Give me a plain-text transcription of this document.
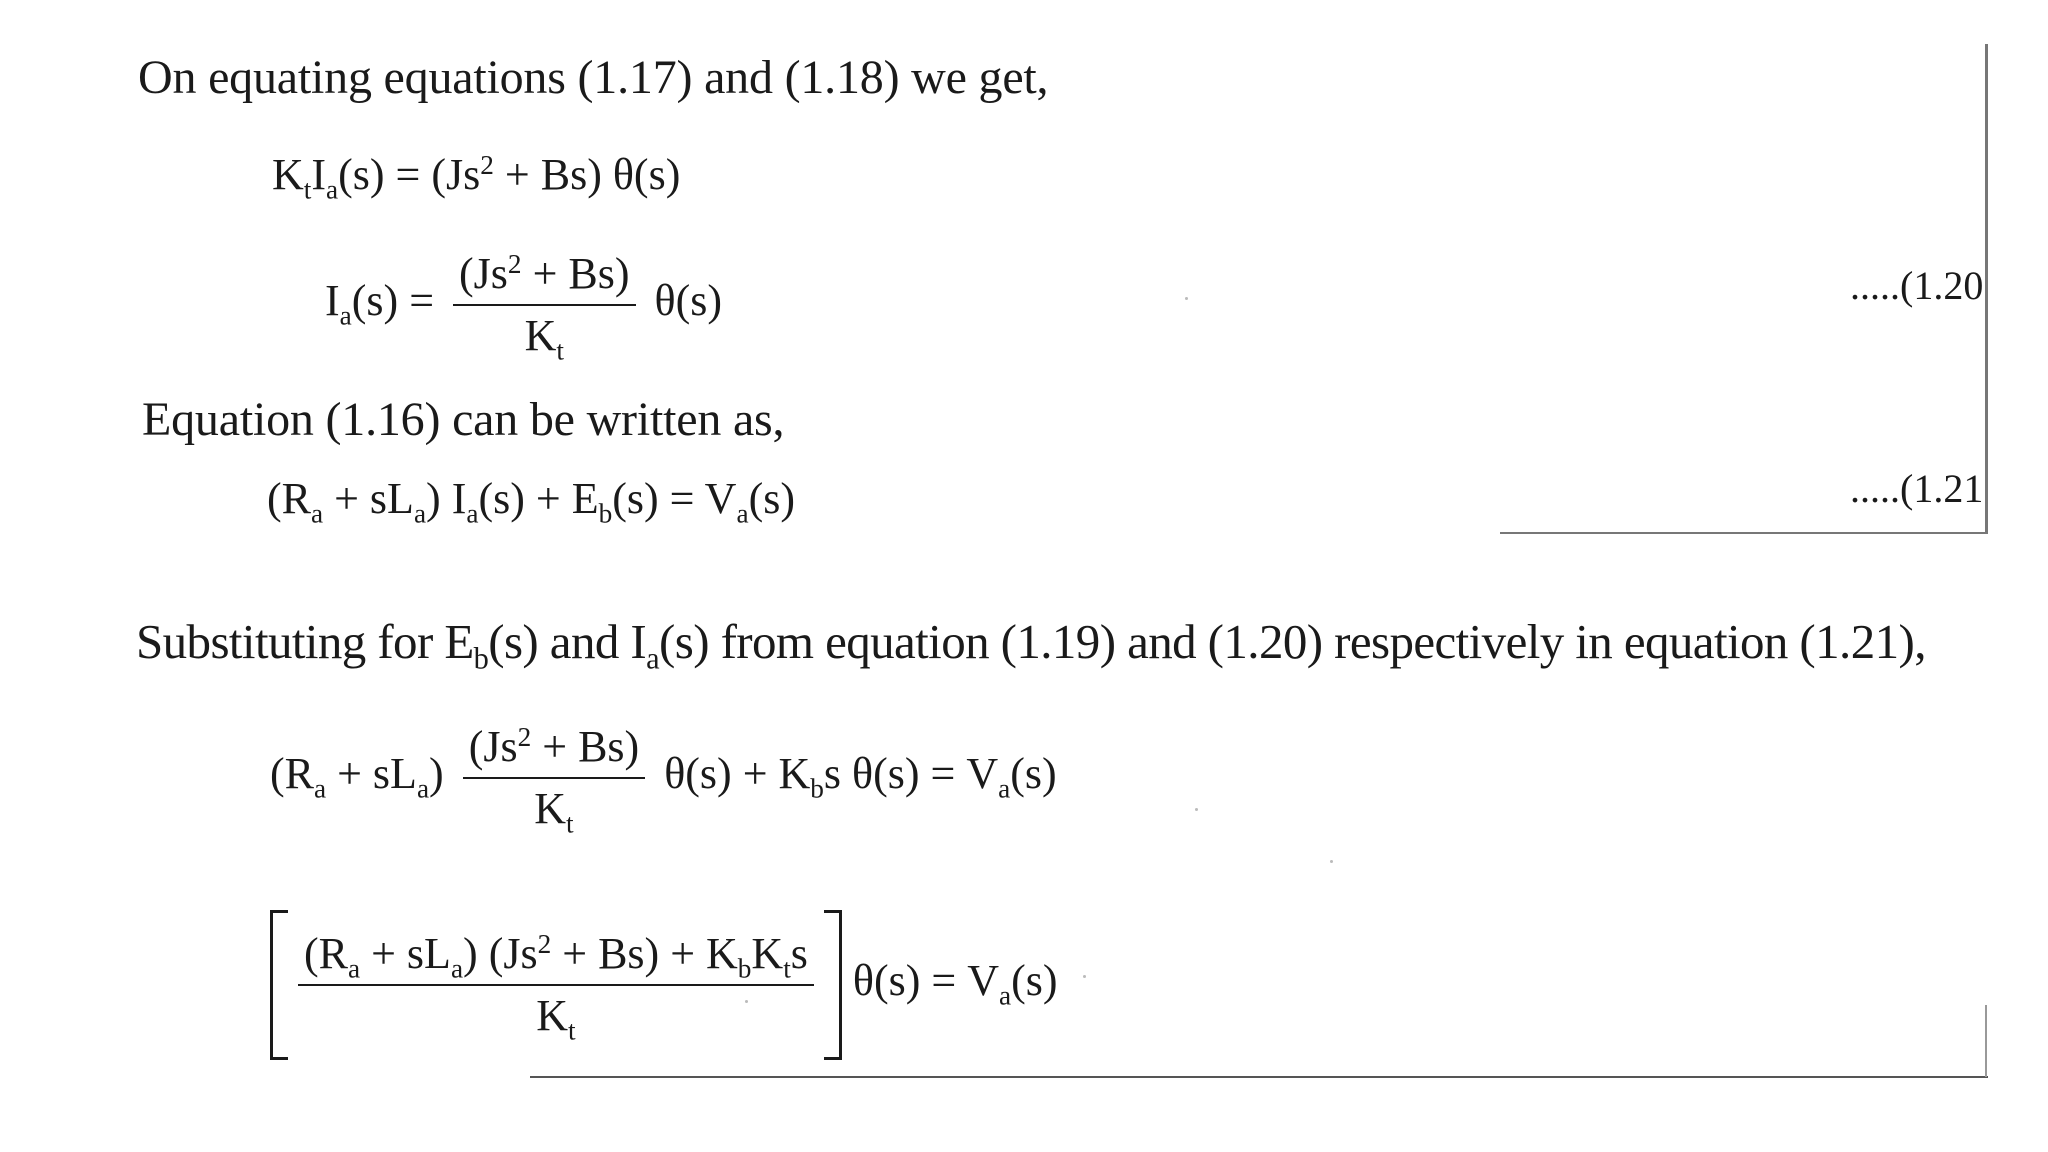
On equating equations (1.17) and (1.18) we get,
$K_tI_a(s) = (Js^2 + Bs)$ θ(s)
$I_a(s) = \frac{(Js^2 + Bs)}{K_t} \theta(s)$	.....(1.20
Equation (1.16) can be written as,
$(R_a + sL_a) I_a(s) + E_b(s) = V_a(s)$	.....(1.21
Substituting for $E_b(s)$ and $I_a(s)$ from equation (1.19) and (1.20) respectively in equation (1.21),
$(R_a + sL_a) \frac{(Js^2 + Bs)}{K_t} \theta(s) + K_bs$ $\theta(s) = V_a(s)$
$\frac{(R_a + sL_a) (Js^2 + Bs) + K_bK_ts}{K_t} \theta(s) = V_a(s)$
